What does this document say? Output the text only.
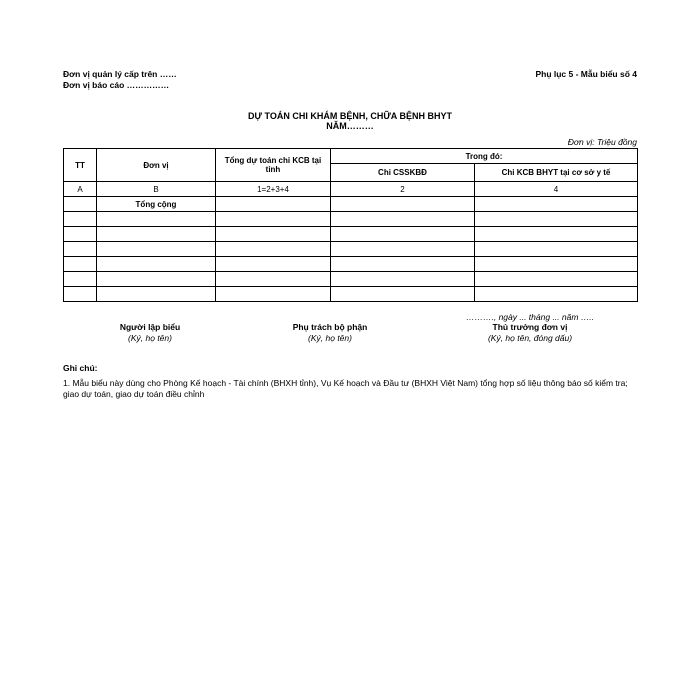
Đơn vị quản lý cấp trên ……
Đơn vị báo cáo ……………
Phụ lục 5 - Mẫu biểu số 4
DỰ TOÁN CHI KHÁM BỆNH, CHỮA BỆNH BHYT
NĂM………
Đơn vị: Triệu đồng
TT	Đơn vị	Tổng dự toán chi KCB tại tỉnh	Trong đó:	
			Chi CSSKBĐ	Chi KCB BHYT tại cơ sở y tế
A	B	1=2+3+4	2	4
	Tổng cộng			

………., ngày ... tháng ... năm …..
Người lập biểu
(Ký, họ tên)
Phụ trách bộ phận
(Ký, họ tên)
Thủ trưởng đơn vị
(Ký, họ tên, đóng dấu)
Ghi chú:
1. Mẫu biểu này dùng cho Phòng Kế hoạch - Tài chính (BHXH tỉnh), Vụ Kế hoạch và Đầu tư (BHXH Việt Nam) tổng hợp số liệu thông báo số kiểm tra; giao dự toán, giao dự toán điều chỉnh
